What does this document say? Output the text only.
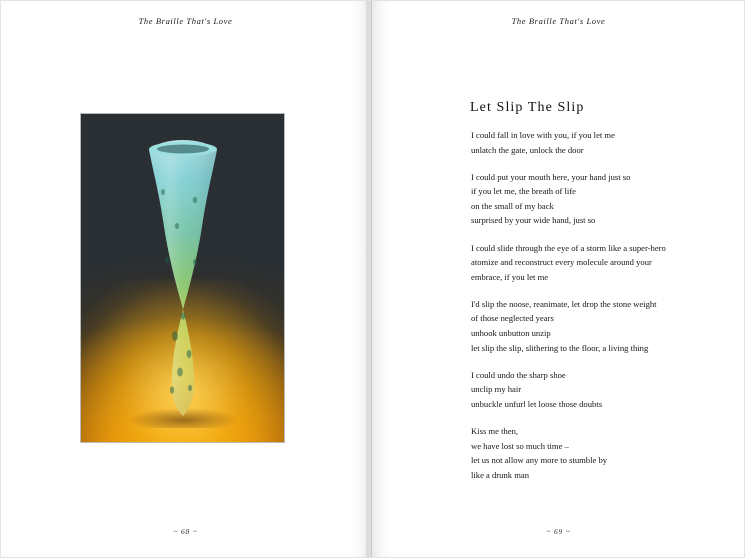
The Braille That's Love
~ 68 ~
The Braille That's Love
Let Slip The Slip

I could fall in love with you, if you let me
unlatch the gate, unlock the door

I could put your mouth here, your hand just so
if you let me, the breath of life
on the small of my back
surprised by your wide hand, just so

I could slide through the eye of a storm like a super-hero
atomize and reconstruct every molecule around your
embrace, if you let me

I'd slip the noose, reanimate, let drop the stone weight
of those neglected years
unhook unbutton unzip
let slip the slip, slithering to the floor, a living thing

I could undo the sharp shoe
unclip my hair
unbuckle unfurl let loose those doubts

Kiss me then,
we have lost so much time –
let us not allow any more to stumble by
like a drunk man

~ 69 ~
